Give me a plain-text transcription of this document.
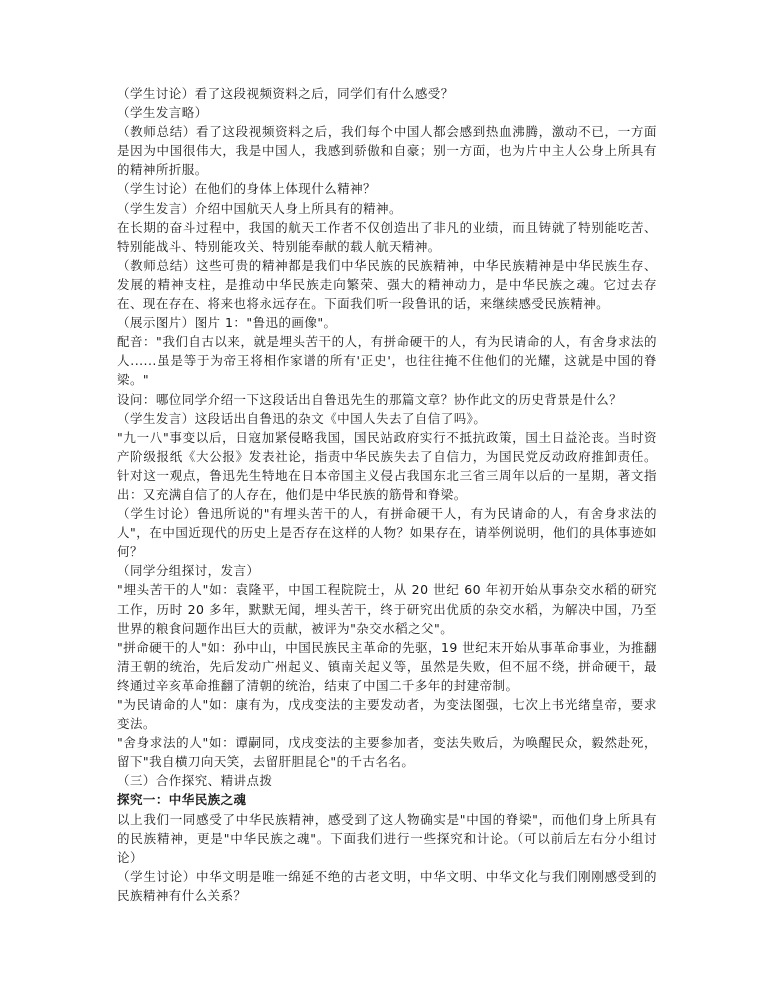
（学生讨论）看了这段视频资料之后，同学们有什么感受？

（学生发言略）

（教师总结）看了这段视频资料之后，我们每个中国人都会感到热血沸腾，激动不已，一方面是因为中国很伟大，我是中国人，我感到骄傲和自豪；别一方面，也为片中主人公身上所具有的精神所折服。

（学生讨论）在他们的身体上体现什么精神？

（学生发言）介绍中国航天人身上所具有的精神。

在长期的奋斗过程中，我国的航天工作者不仅创造出了非凡的业绩，而且铸就了特别能吃苦、特别能战斗、特别能攻关、特别能奉献的载人航天精神。

（教师总结）这些可贵的精神都是我们中华民族的民族精神，中华民族精神是中华民族生存、发展的精神支柱，是推动中华民族走向繁荣、强大的精神动力，是中华民族之魂。它过去存在、现在存在、将来也将永远存在。下面我们听一段鲁讯的话，来继续感受民族精神。

（展示图片）图片 1："鲁迅的画像"。

配音："我们自古以来，就是埋头苦干的人，有拼命硬干的人，有为民请命的人，有舍身求法的人......虽是等于为帝王将相作家谱的所有'正史'，也往往掩不住他们的光耀，这就是中国的脊梁。"

设问：哪位同学介绍一下这段话出自鲁迅先生的那篇文章？协作此文的历史背景是什么？

（学生发言）这段话出自鲁迅的杂文《中国人失去了自信了吗》。

"九一八"事变以后，日寇加紧侵略我国，国民站政府实行不抵抗政策，国土日益沦丧。当时资产阶级报纸《大公报》发表社论，指责中华民族失去了自信力，为国民党反动政府推卸责任。针对这一观点，鲁迅先生特地在日本帝国主义侵占我国东北三省三周年以后的一星期，著文指出：又充满自信了的人存在，他们是中华民族的筋骨和脊梁。

（学生讨论）鲁迅所说的"有埋头苦干的人，有拼命硬干人，有为民请命的人，有舍身求法的人"，在中国近现代的历史上是否存在这样的人物？如果存在，请举例说明，他们的具体事迹如何？

（同学分组探讨，发言）

"埋头苦干的人"如：袁隆平，中国工程院院士，从 20 世纪 60 年初开始从事杂交水稻的研究工作，历时 20 多年，默默无闻，埋头苦干，终于研究出优质的杂交水稻，为解决中国，乃至世界的粮食问题作出巨大的贡献，被评为"杂交水稻之父"。

"拼命硬干的人"如：孙中山，中国民族民主革命的先驱，19 世纪末开始从事革命事业，为推翻清王朝的统治，先后发动广州起义、镇南关起义等，虽然是失败，但不屈不绕，拼命硬干，最终通过辛亥革命推翻了清朝的统治，结束了中国二千多年的封建帝制。

"为民请命的人"如：康有为，戊戌变法的主要发动者，为变法图强，七次上书光绪皇帝，要求变法。

"舍身求法的人"如：谭嗣同，戊戌变法的主要参加者，变法失败后，为唤醒民众，毅然赴死，留下"我自横刀向天笑，去留肝胆昆仑"的千古名名。

（三）合作探究、精讲点拨

探究一：中华民族之魂

以上我们一同感受了中华民族精神，感受到了这人物确实是"中国的脊梁"，而他们身上所具有的民族精神，更是"中华民族之魂"。下面我们进行一些探究和计论。（可以前后左右分小组讨论）

（学生讨论）中华文明是唯一绵延不绝的古老文明，中华文明、中华文化与我们刚刚感受到的民族精神有什么关系？
